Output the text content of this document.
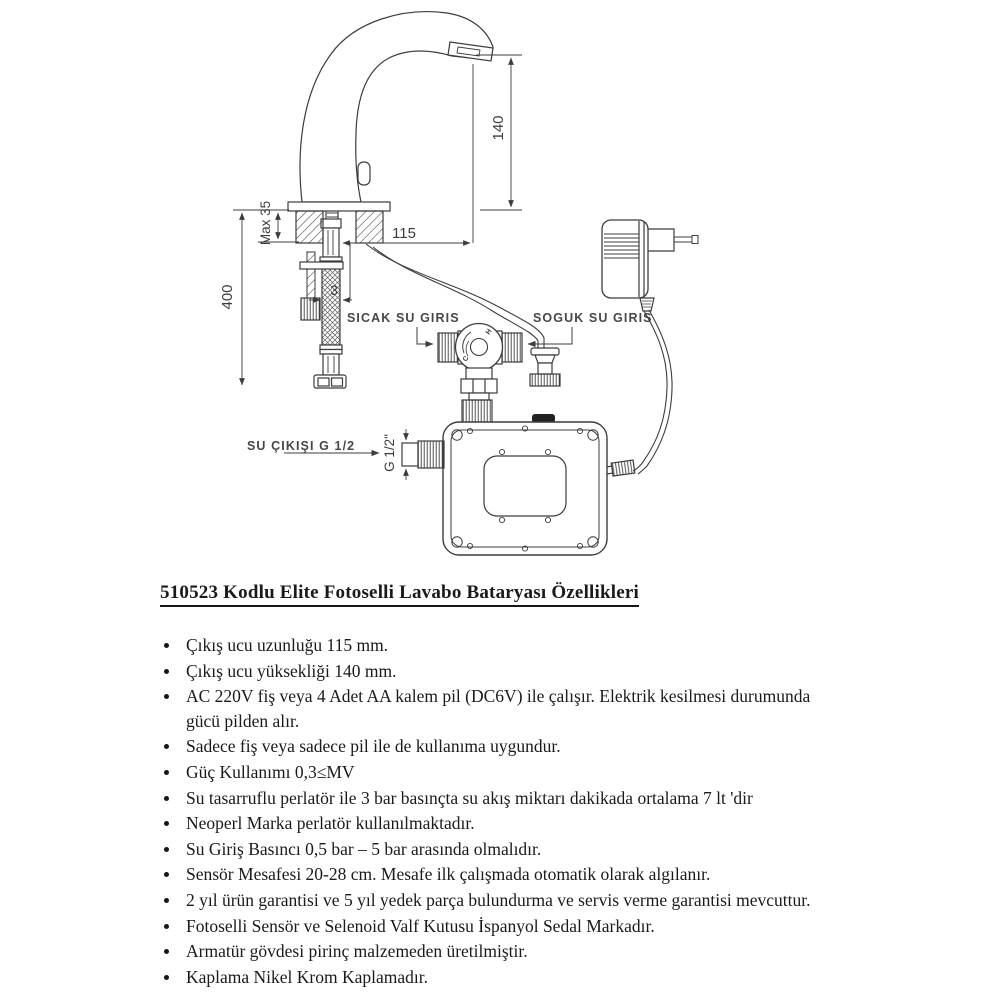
140
115
400
Max 35
3
H
C
SICAK SU GIRIS	SOGUK SU GIRIS
G 1/2"
SU ÇIKIŞI G 1/2
510523 Kodlu Elite Fotoselli Lavabo Bataryası Özellikleri
Çıkış ucu uzunluğu 115 mm.
Çıkış ucu yüksekliği 140 mm.
AC 220V fiş veya 4 Adet AA kalem pil (DC6V) ile çalışır. Elektrik kesilmesi durumunda gücü pilden alır.
Sadece fiş veya sadece pil ile de kullanıma uygundur.
Güç Kullanımı 0,3≤MV
Su tasarruflu perlatör ile 3 bar basınçta su akış miktarı dakikada ortalama 7 lt 'dir
Neoperl Marka perlatör kullanılmaktadır.
Su Giriş Basıncı 0,5 bar – 5 bar arasında olmalıdır.
Sensör Mesafesi 20-28 cm. Mesafe ilk çalışmada otomatik olarak algılanır.
2 yıl ürün garantisi ve 5 yıl yedek parça bulundurma ve servis verme garantisi mevcuttur.
Fotoselli Sensör ve Selenoid Valf Kutusu İspanyol Sedal Markadır.
Armatür gövdesi pirinç malzemeden üretilmiştir.
Kaplama Nikel Krom Kaplamadır.
